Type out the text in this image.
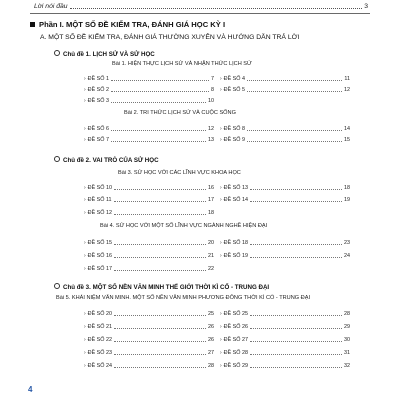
Lời nói đầu	3
Phần I. MỘT SỐ ĐỀ KIỂM TRA, ĐÁNH GIÁ HỌC KỲ I
A. MỘT SỐ ĐỀ KIỂM TRA, ĐÁNH GIÁ THƯỜNG XUYÊN VÀ HƯỚNG DẪN TRẢ LỜI
Chủ đề 1. LỊCH SỬ VÀ SỬ HỌC
Bài 1. HIỆN THỰC LỊCH SỬ VÀ NHẬN THỨC LỊCH SỬ
› ĐỀ SỐ 1	7
› ĐỀ SỐ 2	8
› ĐỀ SỐ 3	10
› ĐỀ SỐ 4	11
› ĐỀ SỐ 5	12
Bài 2. TRI THỨC LỊCH SỬ VÀ CUỘC SỐNG
› ĐỀ SỐ 6	12
› ĐỀ SỐ 7	13
› ĐỀ SỐ 8	14
› ĐỀ SỐ 9	15
Chủ đề 2. VAI TRÒ CỦA SỬ HỌC
Bài 3. SỬ HỌC VỚI CÁC LĨNH VỰC KHOA HỌC
› ĐỀ SỐ 10	16
› ĐỀ SỐ 11	17
› ĐỀ SỐ 12	18
› ĐỀ SỐ 13	18
› ĐỀ SỐ 14	19
Bài 4. SỬ HỌC VỚI MỘT SỐ LĨNH VỰC NGÀNH NGHỀ HIỆN ĐẠI
› ĐỀ SỐ 15	20
› ĐỀ SỐ 16	21
› ĐỀ SỐ 17	22
› ĐỀ SỐ 18	23
› ĐỀ SỐ 19	24
Chủ đề 3. MỘT SỐ NỀN VĂN MINH THẾ GIỚI THỜI KÌ CỔ - TRUNG ĐẠI
Bài 5. KHÁI NIỆM VĂN MINH. MỘT SỐ NỀN VĂN MINH PHƯƠNG ĐÔNG THỜI KÌ CỔ - TRUNG ĐẠI
› ĐỀ SỐ 20	25
› ĐỀ SỐ 21	26
› ĐỀ SỐ 22	26
› ĐỀ SỐ 23	27
› ĐỀ SỐ 24	28
› ĐỀ SỐ 25	28
› ĐỀ SỐ 26	29
› ĐỀ SỐ 27	30
› ĐỀ SỐ 28	31
› ĐỀ SỐ 29	32
4
